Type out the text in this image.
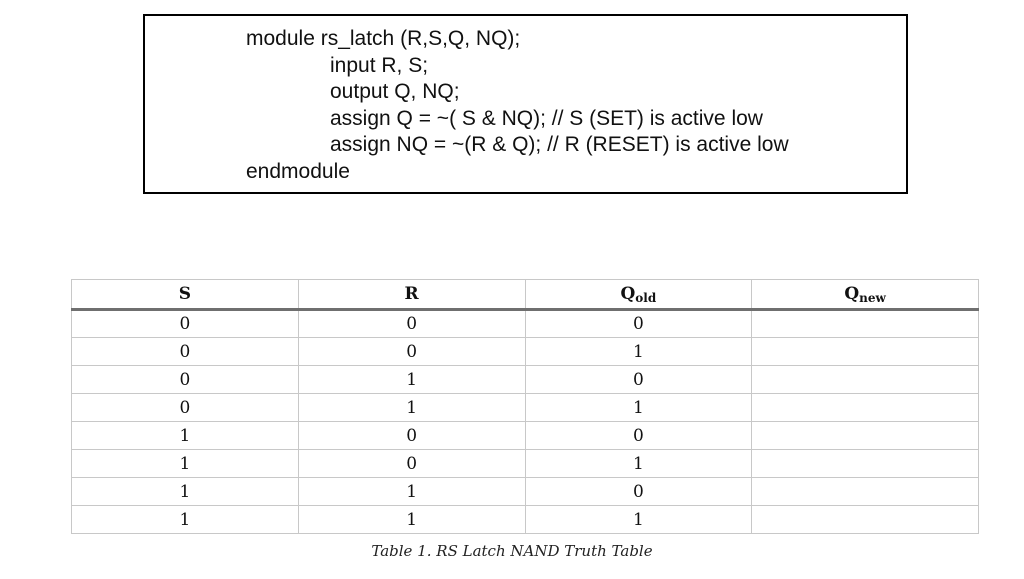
module rs_latch (R,S,Q, NQ);
input R, S;
output Q, NQ;
assign Q = ~( S & NQ); // S (SET) is active low
assign NQ = ~(R & Q); // R (RESET) is active low
endmodule
S	R	$Q_{old}$	$Q_{new}$
0	0	0	
0	0	1	
0	1	0	
0	1	1	
1	0	0	
1	0	1	
1	1	0	
1	1	1	
Table 1. RS Latch NAND Truth Table
